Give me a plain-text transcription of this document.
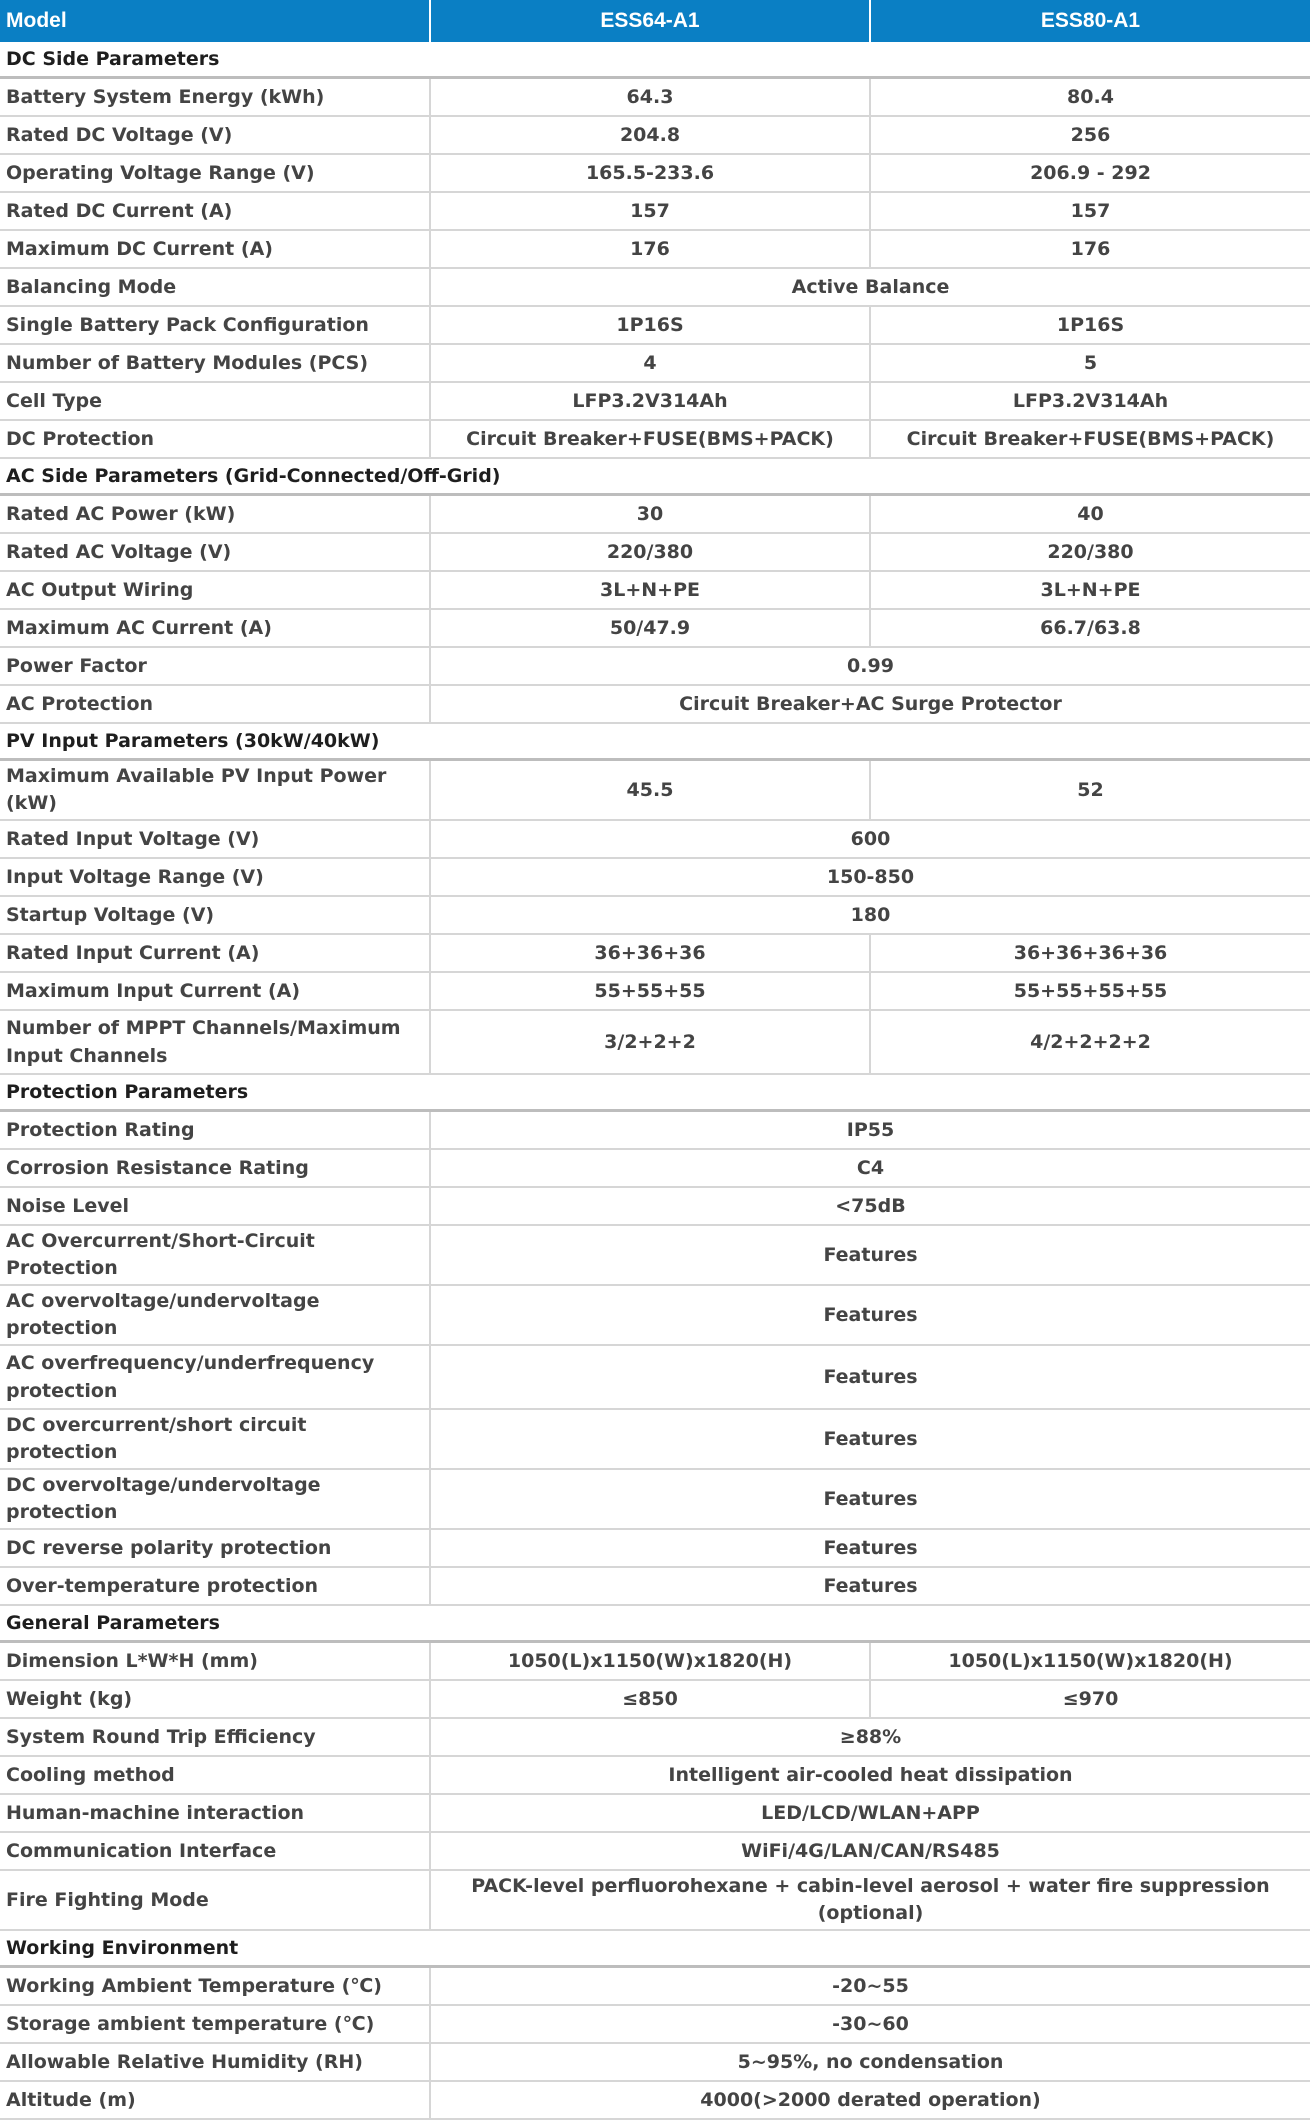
Model	ESS64-A1	ESS80-A1
DC Side Parameters		
Battery System Energy (kWh)	64.3	80.4
Rated DC Voltage (V)	204.8	256
Operating Voltage Range (V)	165.5-233.6	206.9 - 292
Rated DC Current (A)	157	157
Maximum DC Current (A)	176	176
Balancing Mode	Active Balance	
Single Battery Pack Configuration	1P16S	1P16S
Number of Battery Modules (PCS)	4	5
Cell Type	LFP3.2V314Ah	LFP3.2V314Ah
DC Protection	Circuit Breaker+FUSE(BMS+PACK)	Circuit Breaker+FUSE(BMS+PACK)
AC Side Parameters (Grid-Connected/Off-Grid)		
Rated AC Power (kW)	30	40
Rated AC Voltage (V)	220/380	220/380
AC Output Wiring	3L+N+PE	3L+N+PE
Maximum AC Current (A)	50/47.9	66.7/63.8
Power Factor	0.99	
AC Protection	Circuit Breaker+AC Surge Protector	
PV Input Parameters (30kW/40kW)		
Maximum Available PV Input Power (kW)	45.5	52
Rated Input Voltage (V)	600	
Input Voltage Range (V)	150-850	
Startup Voltage (V)	180	
Rated Input Current (A)	36+36+36	36+36+36+36
Maximum Input Current (A)	55+55+55	55+55+55+55
Number of MPPT Channels/Maximum Input Channels	3/2+2+2	4/2+2+2+2
Protection Parameters		
Protection Rating	IP55	
Corrosion Resistance Rating	C4	
Noise Level	<75dB	
AC Overcurrent/Short-Circuit Protection	Features	
AC overvoltage/undervoltage protection	Features	
AC overfrequency/underfrequency protection	Features	
DC overcurrent/short circuit protection	Features	
DC overvoltage/undervoltage protection	Features	
DC reverse polarity protection	Features	
Over-temperature protection	Features	
General Parameters		
Dimension L*W*H (mm)	1050(L)x1150(W)x1820(H)	1050(L)x1150(W)x1820(H)
Weight (kg)	≤850	≤970
System Round Trip Efficiency	≥88%	
Cooling method	Intelligent air-cooled heat dissipation	
Human-machine interaction	LED/LCD/WLAN+APP	
Communication Interface	WiFi/4G/LAN/CAN/RS485	
Fire Fighting Mode	PACK-level perfluorohexane + cabin-level aerosol + water fire suppression (optional)	
Working Environment		
Working Ambient Temperature (℃)	-20~55	
Storage ambient temperature (℃)	-30~60	
Allowable Relative Humidity (RH)	5~95%, no condensation	
Altitude (m)	4000(>2000 derated operation)	
